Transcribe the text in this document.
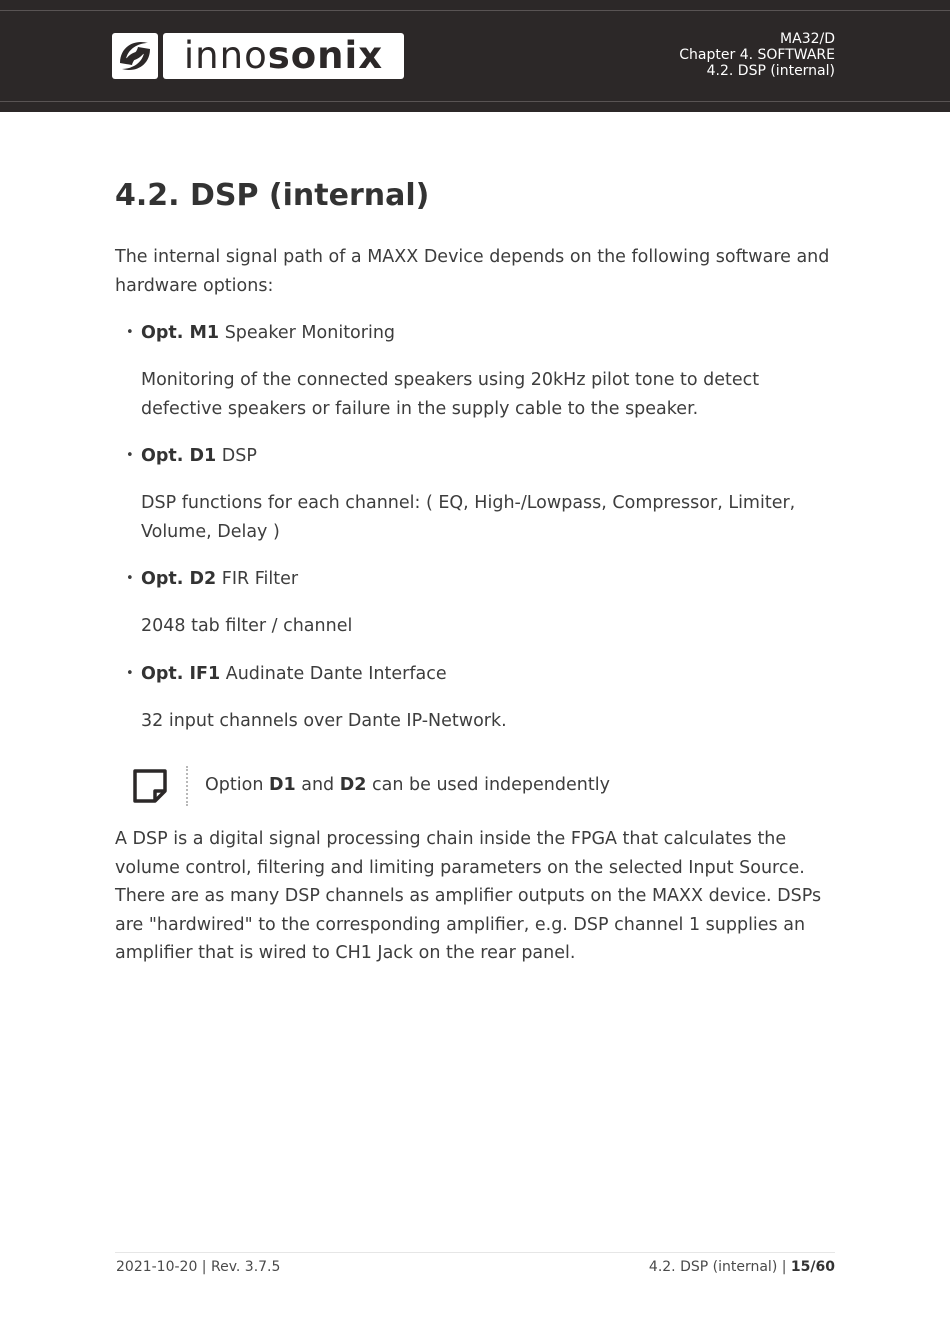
innosonix	MA32/D
Chapter 4. SOFTWARE
4.2. DSP (internal)
4.2. DSP (internal)

The internal signal path of a MAXX Device depends on the following software and hardware options:

• Opt. M1 Speaker Monitoring

Monitoring of the connected speakers using 20kHz pilot tone to detect defective speakers or failure in the supply cable to the speaker.

• Opt. D1 DSP

DSP functions for each channel: ( EQ, High-/Lowpass, Compressor, Limiter, Volume, Delay )

• Opt. D2 FIR Filter

2048 tab filter / channel

• Opt. IF1 Audinate Dante Interface

32 input channels over Dante IP-Network.

Option D1 and D2 can be used independently

A DSP is a digital signal processing chain inside the FPGA that calculates the volume control, filtering and limiting parameters on the selected Input Source. There are as many DSP channels as amplifier outputs on the MAXX device. DSPs are "hardwired" to the corresponding amplifier, e.g. DSP channel 1 supplies an amplifier that is wired to CH1 Jack on the rear panel.

2021-10-20 | Rev. 3.7.5	4.2. DSP (internal) | 15/60
